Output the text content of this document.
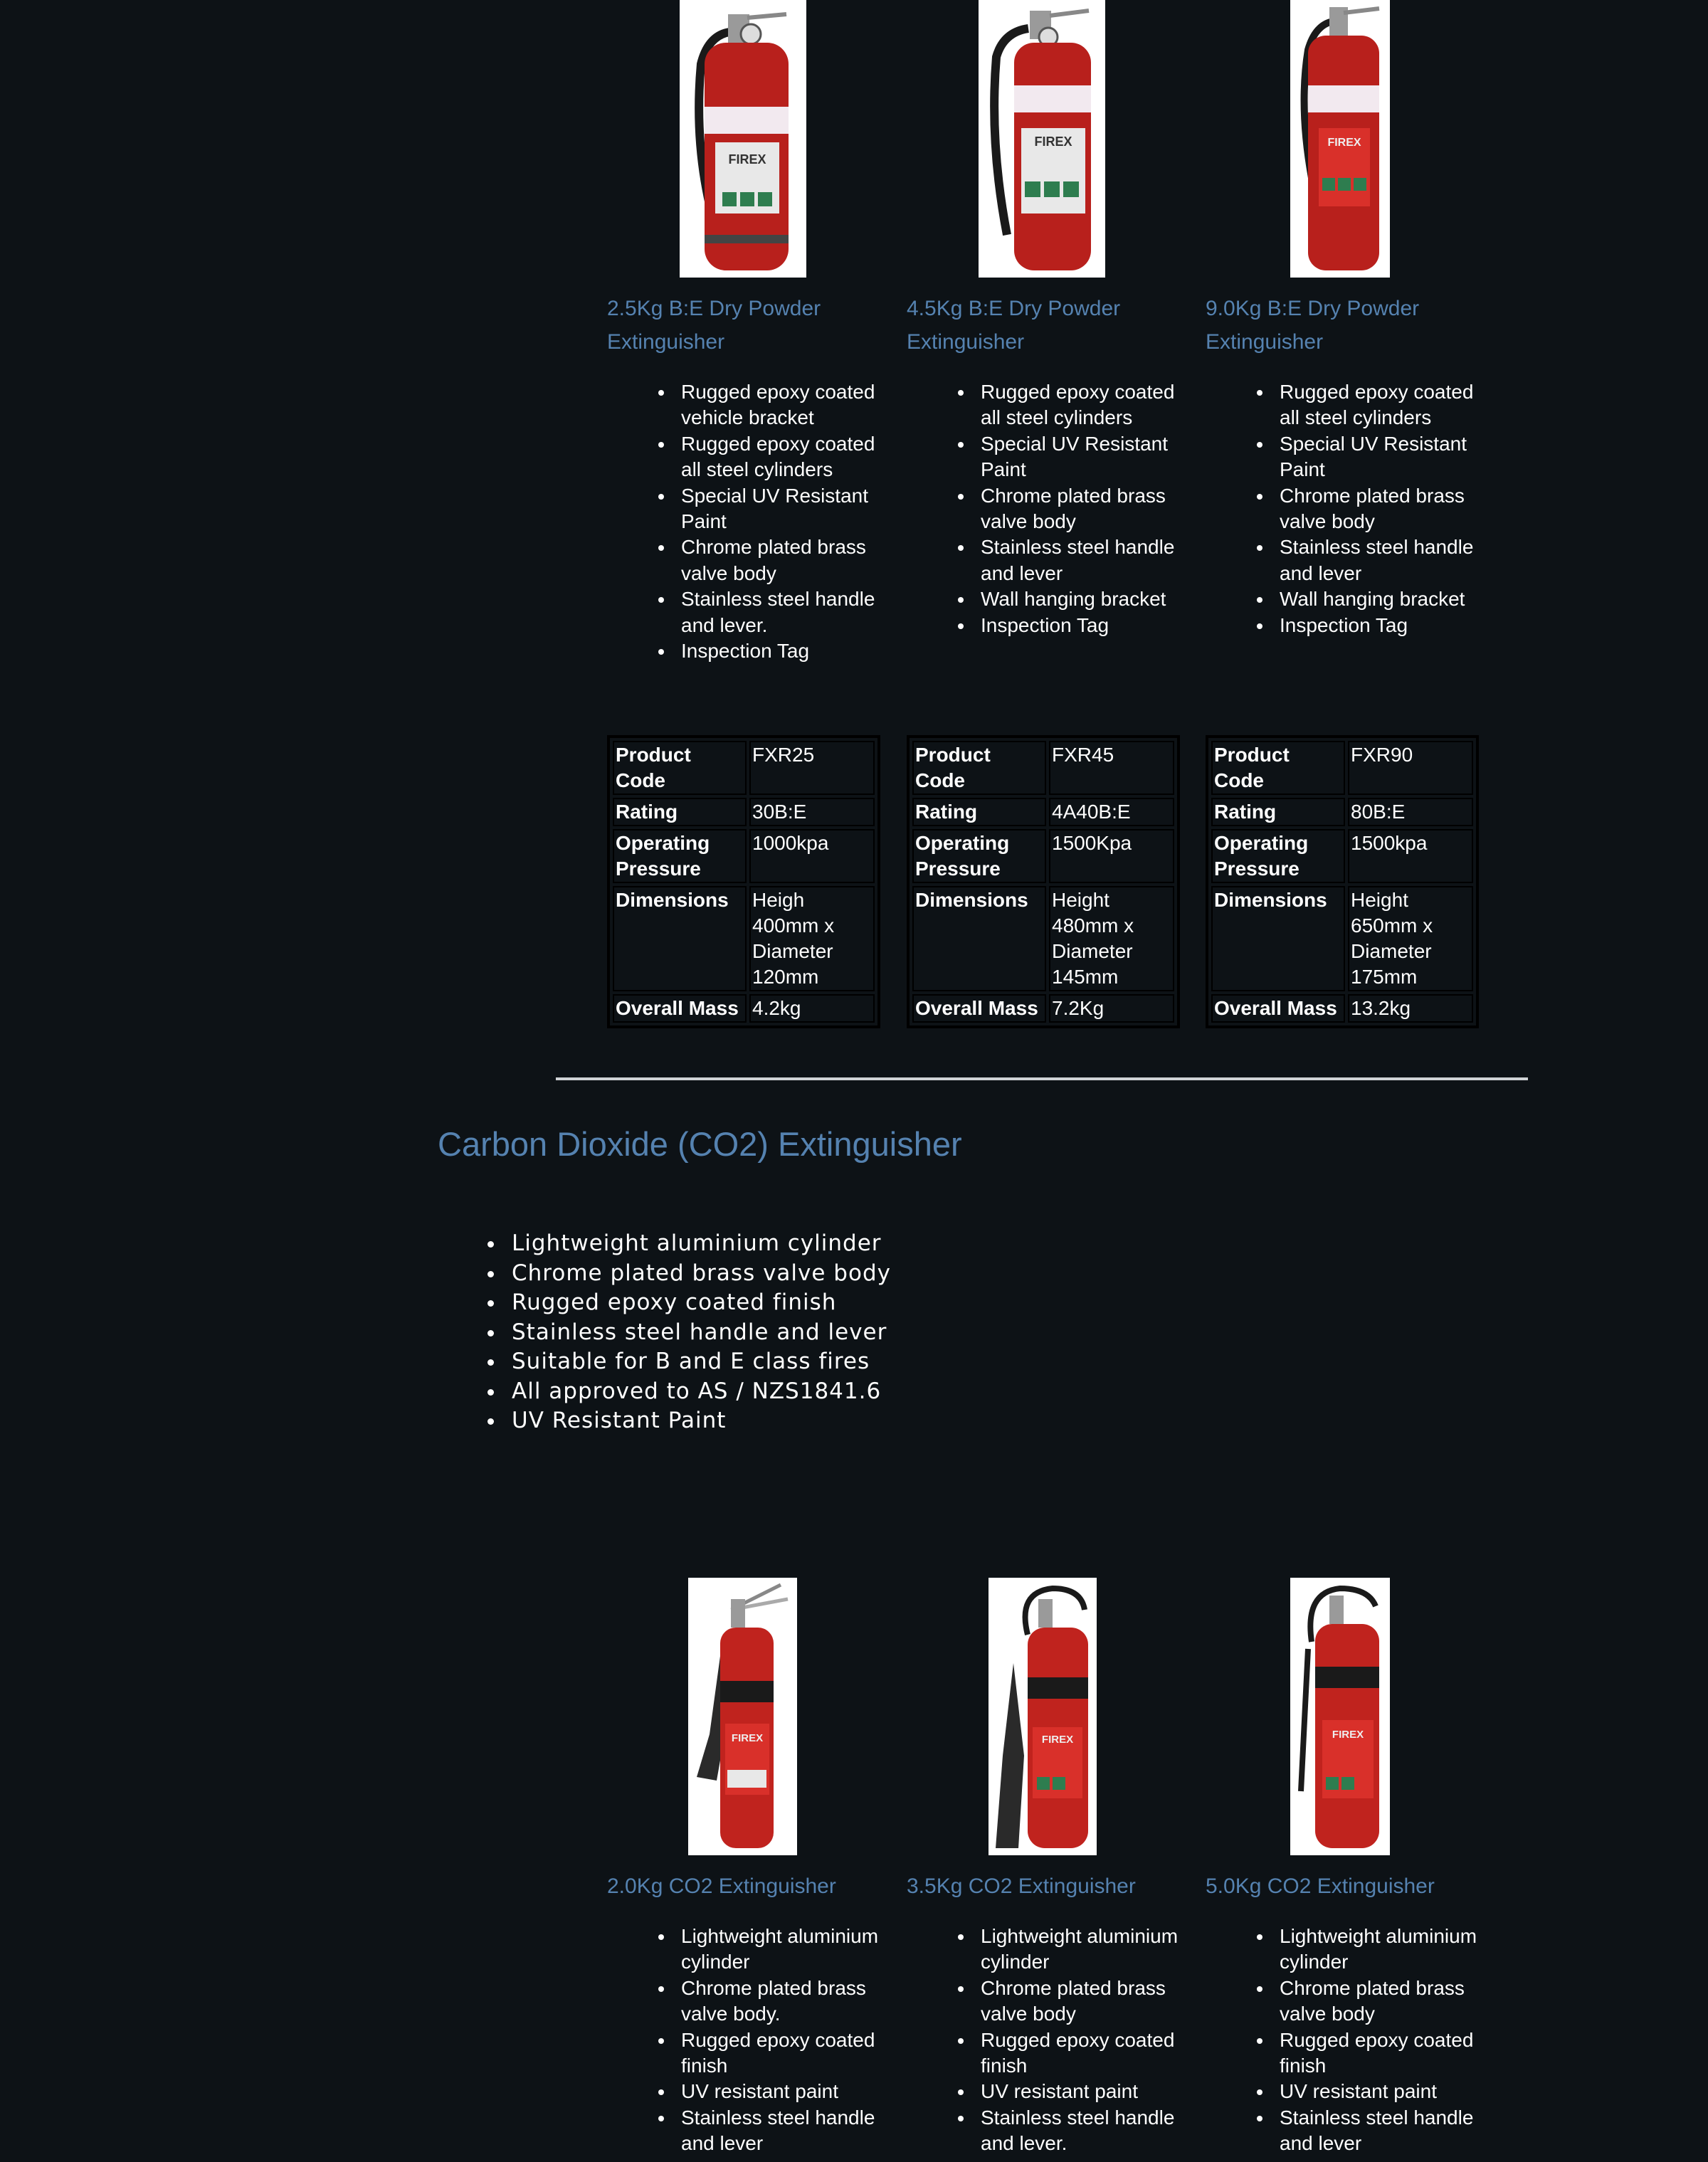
FIREX
2.5Kg B:E Dry Powder Extinguisher
Rugged epoxy coated vehicle bracket
Rugged epoxy coated all steel cylinders
Special UV Resistant Paint
Chrome plated brass valve body
Stainless steel handle and lever.
Inspection Tag
Product Code	FXR25
Rating	30B:E
Operating Pressure	1000kpa
Dimensions	Heigh 400mm x Diameter 120mm
Overall Mass	4.2kg
FIREX
4.5Kg B:E Dry Powder Extinguisher
Rugged epoxy coated all steel cylinders
Special UV Resistant Paint
Chrome plated brass valve body
Stainless steel handle and lever
Wall hanging bracket
Inspection Tag
Product Code	FXR45
Rating	4A40B:E
Operating Pressure	1500Kpa
Dimensions	Height 480mm x Diameter 145mm
Overall Mass	7.2Kg
FIREX
9.0Kg B:E Dry Powder Extinguisher
Rugged epoxy coated all steel cylinders
Special UV Resistant Paint
Chrome plated brass valve body
Stainless steel handle and lever
Wall hanging bracket
Inspection Tag
Product Code	FXR90
Rating	80B:E
Operating Pressure	1500kpa
Dimensions	Height 650mm x Diameter 175mm
Overall Mass	13.2kg
Carbon Dioxide (CO2) Extinguisher
Lightweight aluminium cylinder
Chrome plated brass valve body
Rugged epoxy coated finish
Stainless steel handle and lever
Suitable for B and E class fires
All approved to AS / NZS1841.6
UV Resistant Paint
FIREX
2.0Kg CO2 Extinguisher
Lightweight aluminium cylinder
Chrome plated brass valve body.
Rugged epoxy coated finish
UV resistant paint
Stainless steel handle and lever
FIREX
3.5Kg CO2 Extinguisher
Lightweight aluminium cylinder
Chrome plated brass valve body
Rugged epoxy coated finish
UV resistant paint
Stainless steel handle and lever.
FIREX
5.0Kg CO2 Extinguisher
Lightweight aluminium cylinder
Chrome plated brass valve body
Rugged epoxy coated finish
UV resistant paint
Stainless steel handle and lever
